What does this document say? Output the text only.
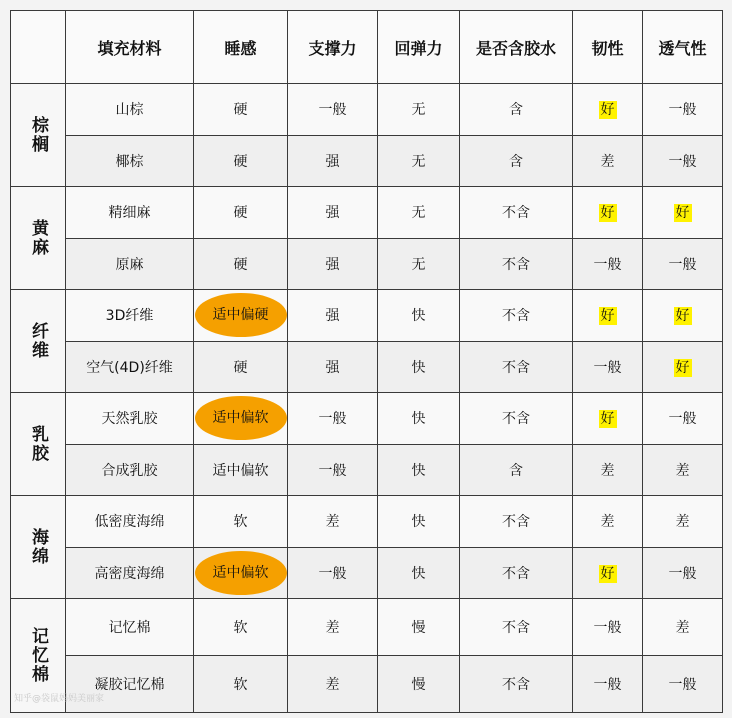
	填充材料	睡感	支撑力	回弹力	是否含胶水	韧性	透气性

棕榈	山棕	硬	一般	无	含	好	一般
	椰棕	硬	强	无	含	差	一般

黄麻	精细麻	硬	强	无	不含	好	好
	原麻	硬	强	无	不含	一般	一般

纤维	3D纤维	适中偏硬	强	快	不含	好	好
	空气(4D)纤维	硬	强	快	不含	一般	好

乳胶	天然乳胶	适中偏软	一般	快	不含	好	一般
	合成乳胶	适中偏软	一般	快	含	差	差

海绵	低密度海绵	软	差	快	不含	差	差
	高密度海绵	适中偏软	一般	快	不含	好	一般

记忆棉	记忆棉	软	差	慢	不含	一般	差
	凝胶记忆棉	软	差	慢	不含	一般	一般
知乎@袋鼠妈妈美丽家
